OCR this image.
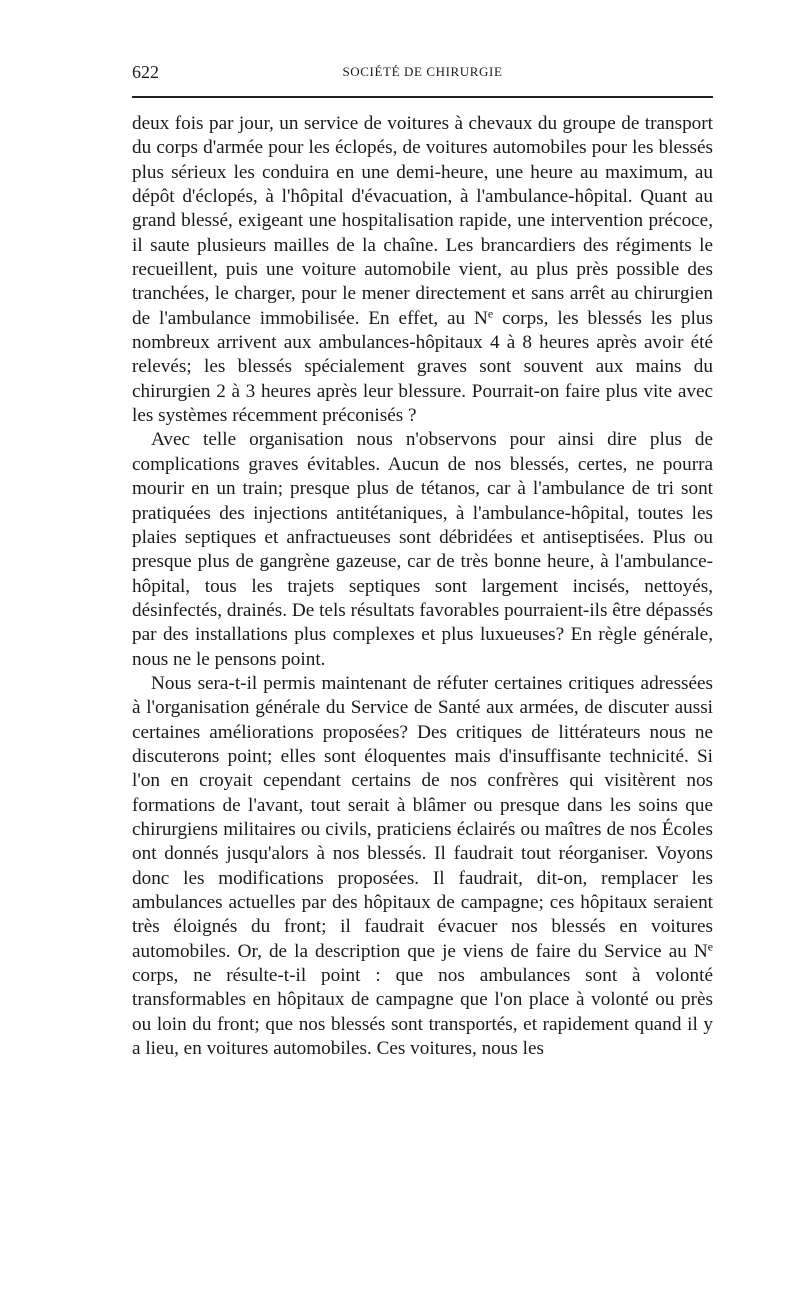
622	SOCIÉTÉ DE CHIRURGIE

deux fois par jour, un service de voitures à chevaux du groupe de transport du corps d'armée pour les éclopés, de voitures automobiles pour les blessés plus sérieux les conduira en une demi-heure, une heure au maximum, au dépôt d'éclopés, à l'hôpital d'évacuation, à l'ambulance-hôpital. Quant au grand blessé, exigeant une hospitalisation rapide, une intervention précoce, il saute plusieurs mailles de la chaîne. Les brancardiers des régiments le recueillent, puis une voiture automobile vient, au plus près possible des tranchées, le charger, pour le mener directement et sans arrêt au chirurgien de l'ambulance immobilisée. En effet, au $N^e$ corps, les blessés les plus nombreux arrivent aux ambulances-hôpitaux 4 à 8 heures après avoir été relevés; les blessés spécialement graves sont souvent aux mains du chirurgien 2 à 3 heures après leur blessure. Pourrait-on faire plus vite avec les systèmes récemment préconisés ?

Avec telle organisation nous n'observons pour ainsi dire plus de complications graves évitables. Aucun de nos blessés, certes, ne pourra mourir en un train; presque plus de tétanos, car à l'ambulance de tri sont pratiquées des injections antitétaniques, à l'ambulance-hôpital, toutes les plaies septiques et anfractueuses sont débridées et antiseptisées. Plus ou presque plus de gangrène gazeuse, car de très bonne heure, à l'ambulance-hôpital, tous les trajets septiques sont largement incisés, nettoyés, désinfectés, drainés. De tels résultats favorables pourraient-ils être dépassés par des installations plus complexes et plus luxueuses? En règle générale, nous ne le pensons point.

Nous sera-t-il permis maintenant de réfuter certaines critiques adressées à l'organisation générale du Service de Santé aux armées, de discuter aussi certaines améliorations proposées? Des critiques de littérateurs nous ne discuterons point; elles sont éloquentes mais d'insuffisante technicité. Si l'on en croyait cependant certains de nos confrères qui visitèrent nos formations de l'avant, tout serait à blâmer ou presque dans les soins que chirurgiens militaires ou civils, praticiens éclairés ou maîtres de nos Écoles ont donnés jusqu'alors à nos blessés. Il faudrait tout réorganiser. Voyons donc les modifications proposées. Il faudrait, dit-on, remplacer les ambulances actuelles par des hôpitaux de campagne; ces hôpitaux seraient très éloignés du front; il faudrait évacuer nos blessés en voitures automobiles. Or, de la description que je viens de faire du Service au $N^e$ corps, ne résulte-t-il point : que nos ambulances sont à volonté transformables en hôpitaux de campagne que l'on place à volonté ou près ou loin du front; que nos blessés sont transportés, et rapidement quand il y a lieu, en voitures automobiles. Ces voitures, nous les
